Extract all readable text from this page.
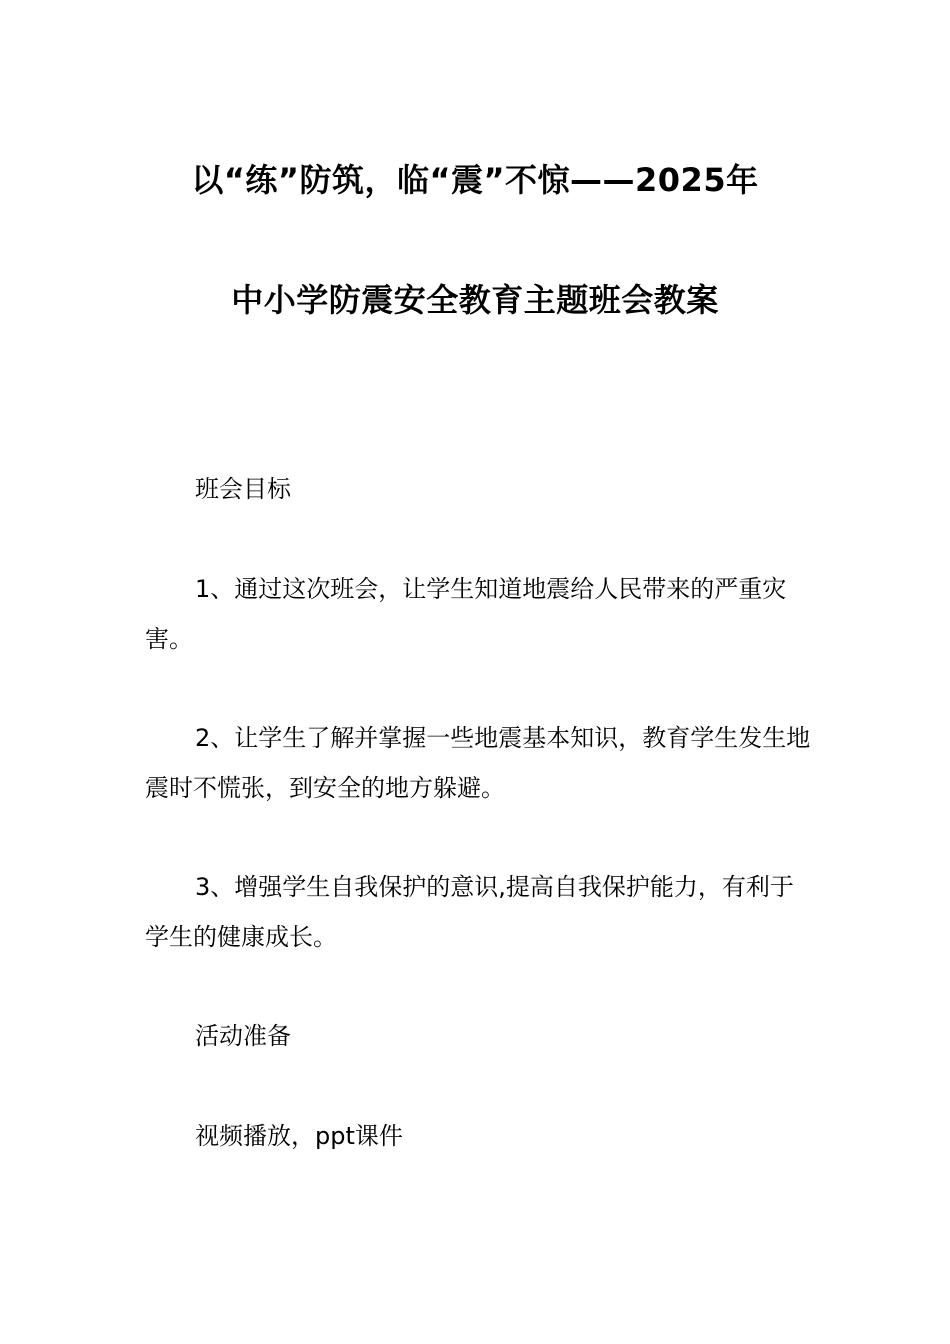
以“练”防筑，临“震”不惊——2025年
中小学防震安全教育主题班会教案
班会目标
1、通过这次班会，让学生知道地震给人民带来的严重灾害。
2、让学生了解并掌握一些地震基本知识，教育学生发生地震时不慌张，到安全的地方躲避。
3、增强学生自我保护的意识,提高自我保护能力，有利于学生的健康成长。
活动准备
视频播放，ppt课件
